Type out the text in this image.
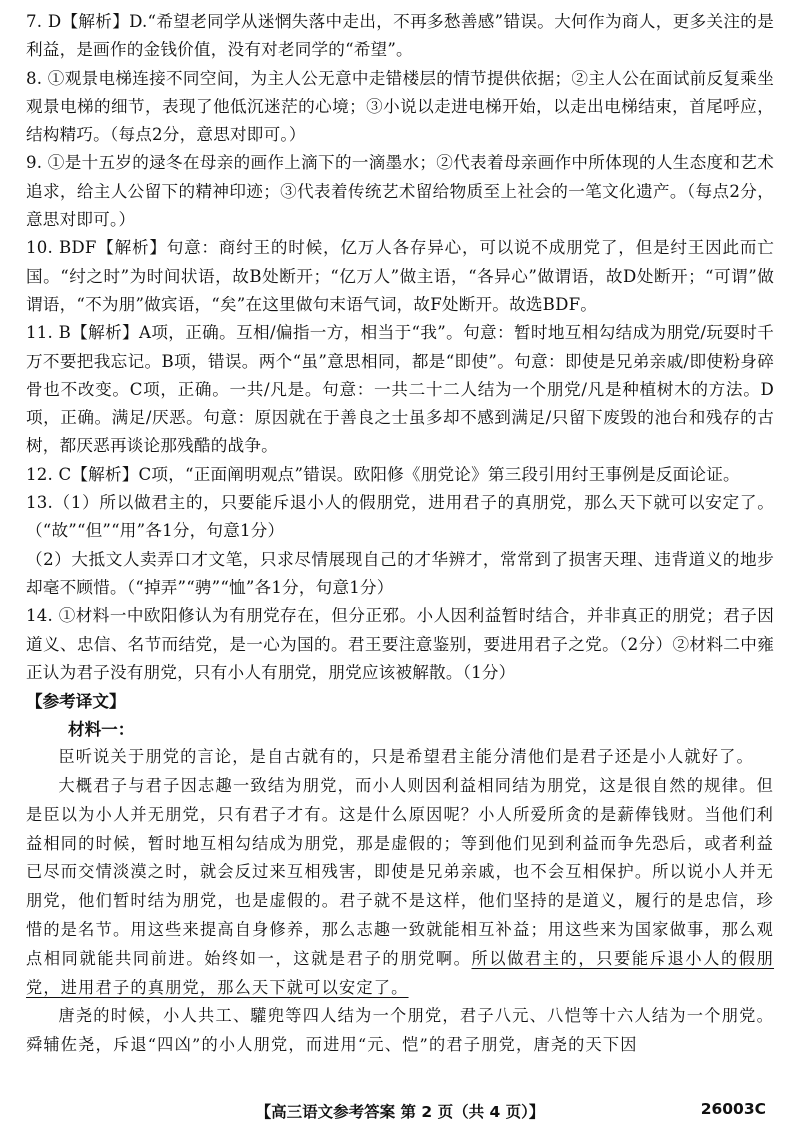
7. D【解析】D.“希望老同学从迷惘失落中走出，不再多愁善感”错误。大何作为商人，更多关注的是利益，是画作的金钱价值，没有对老同学的“希望”。

8. ①观景电梯连接不同空间，为主人公无意中走错楼层的情节提供依据；②主人公在面试前反复乘坐观景电梯的细节，表现了他低沉迷茫的心境；③小说以走进电梯开始，以走出电梯结束，首尾呼应，结构精巧。（每点2分，意思对即可。）

9. ①是十五岁的逯冬在母亲的画作上滴下的一滴墨水；②代表着母亲画作中所体现的人生态度和艺术追求，给主人公留下的精神印迹；③代表着传统艺术留给物质至上社会的一笔文化遗产。（每点2分，意思对即可。）

10. BDF【解析】句意：商纣王的时候，亿万人各存异心，可以说不成朋党了，但是纣王因此而亡国。“纣之时”为时间状语，故B处断开；“亿万人”做主语，“各异心”做谓语，故D处断开；“可谓”做谓语，“不为朋”做宾语，“矣”在这里做句末语气词，故F处断开。故选BDF。

11. B【解析】A项，正确。互相/偏指一方，相当于“我”。句意：暂时地互相勾结成为朋党/玩耍时千万不要把我忘记。B项，错误。两个“虽”意思相同，都是“即使”。句意：即使是兄弟亲戚/即使粉身碎骨也不改变。C项，正确。一共/凡是。句意：一共二十二人结为一个朋党/凡是种植树木的方法。D项，正确。满足/厌恶。句意：原因就在于善良之士虽多却不感到满足/只留下废毁的池台和残存的古树，都厌恶再谈论那残酷的战争。

12. C【解析】C项，“正面阐明观点”错误。欧阳修《朋党论》第三段引用纣王事例是反面论证。

13.（1）所以做君主的，只要能斥退小人的假朋党，进用君子的真朋党，那么天下就可以安定了。（“故”“但”“用”各1分，句意1分）

（2）大抵文人卖弄口才文笔，只求尽情展现自己的才华辨才，常常到了损害天理、违背道义的地步却毫不顾惜。（“掉弄”“骋”“恤”各1分，句意1分）

14. ①材料一中欧阳修认为有朋党存在，但分正邪。小人因利益暂时结合，并非真正的朋党；君子因道义、忠信、名节而结党，是一心为国的。君王要注意鉴别，要进用君子之党。（2分）②材料二中雍正认为君子没有朋党，只有小人有朋党，朋党应该被解散。（1分）

【参考译文】

材料一：

臣听说关于朋党的言论，是自古就有的，只是希望君主能分清他们是君子还是小人就好了。

大概君子与君子因志趣一致结为朋党，而小人则因利益相同结为朋党，这是很自然的规律。但是臣以为小人并无朋党，只有君子才有。这是什么原因呢？小人所爱所贪的是薪俸钱财。当他们利益相同的时候，暂时地互相勾结成为朋党，那是虚假的；等到他们见到利益而争先恐后，或者利益已尽而交情淡漠之时，就会反过来互相残害，即使是兄弟亲戚，也不会互相保护。所以说小人并无朋党，他们暂时结为朋党，也是虚假的。君子就不是这样，他们坚持的是道义，履行的是忠信，珍惜的是名节。用这些来提高自身修养，那么志趣一致就能相互补益；用这些来为国家做事，那么观点相同就能共同前进。始终如一，这就是君子的朋党啊。所以做君主的，只要能斥退小人的假朋党，进用君子的真朋党，那么天下就可以安定了。

唐尧的时候，小人共工、驩兜等四人结为一个朋党，君子八元、八恺等十六人结为一个朋党。舜辅佐尧，斥退“四凶”的小人朋党，而进用“元、恺”的君子朋党，唐尧的天下因

【高三语文参考答案 第 2 页（共 4 页）】	26003C
